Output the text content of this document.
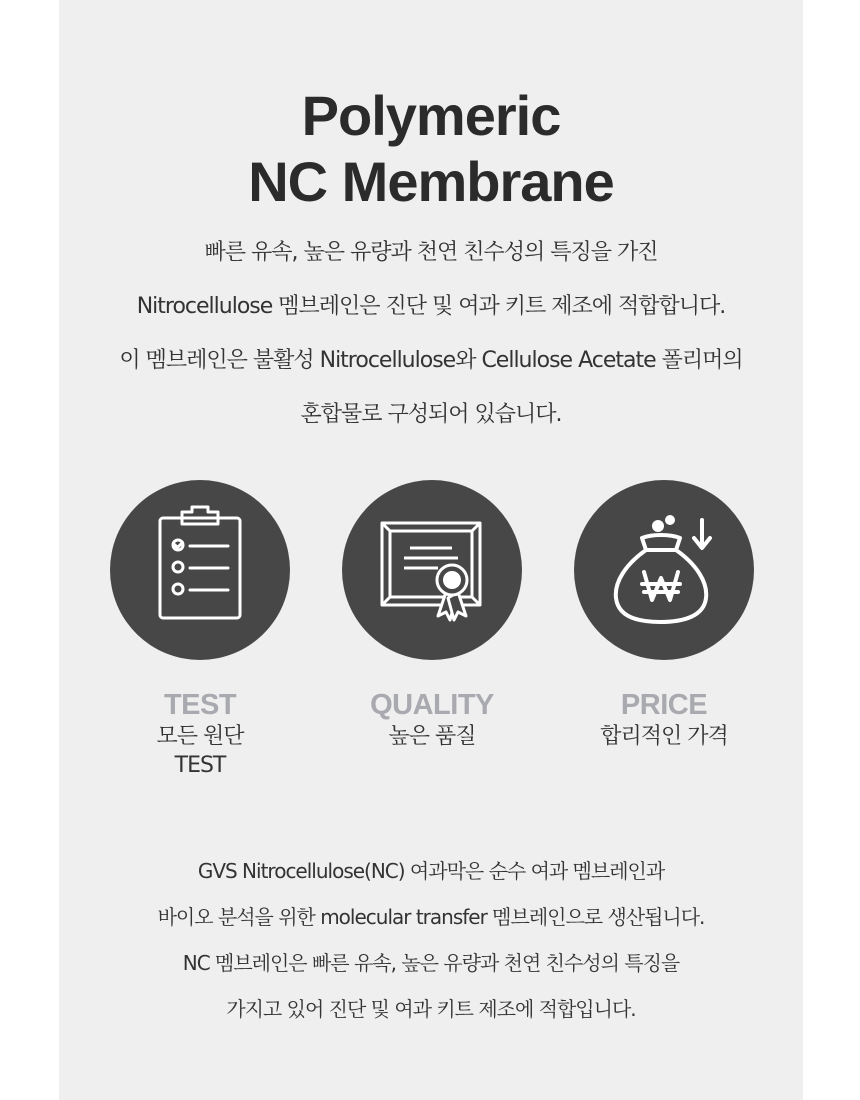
Polymeric
NC Membrane
빠른 유속, 높은 유량과 천연 친수성의 특징을 가진
Nitrocellulose 멤브레인은 진단 및 여과 키트 제조에 적합합니다.
이 멤브레인은 불활성 Nitrocellulose와 Cellulose Acetate 폴리머의
혼합물로 구성되어 있습니다.
TEST
모든 원단
TEST
QUALITY
높은 품질
PRICE
합리적인 가격
GVS Nitrocellulose(NC) 여과막은 순수 여과 멤브레인과
바이오 분석을 위한 molecular transfer 멤브레인으로 생산됩니다.
NC 멤브레인은 빠른 유속, 높은 유량과 천연 친수성의 특징을
가지고 있어 진단 및 여과 키트 제조에 적합입니다.
